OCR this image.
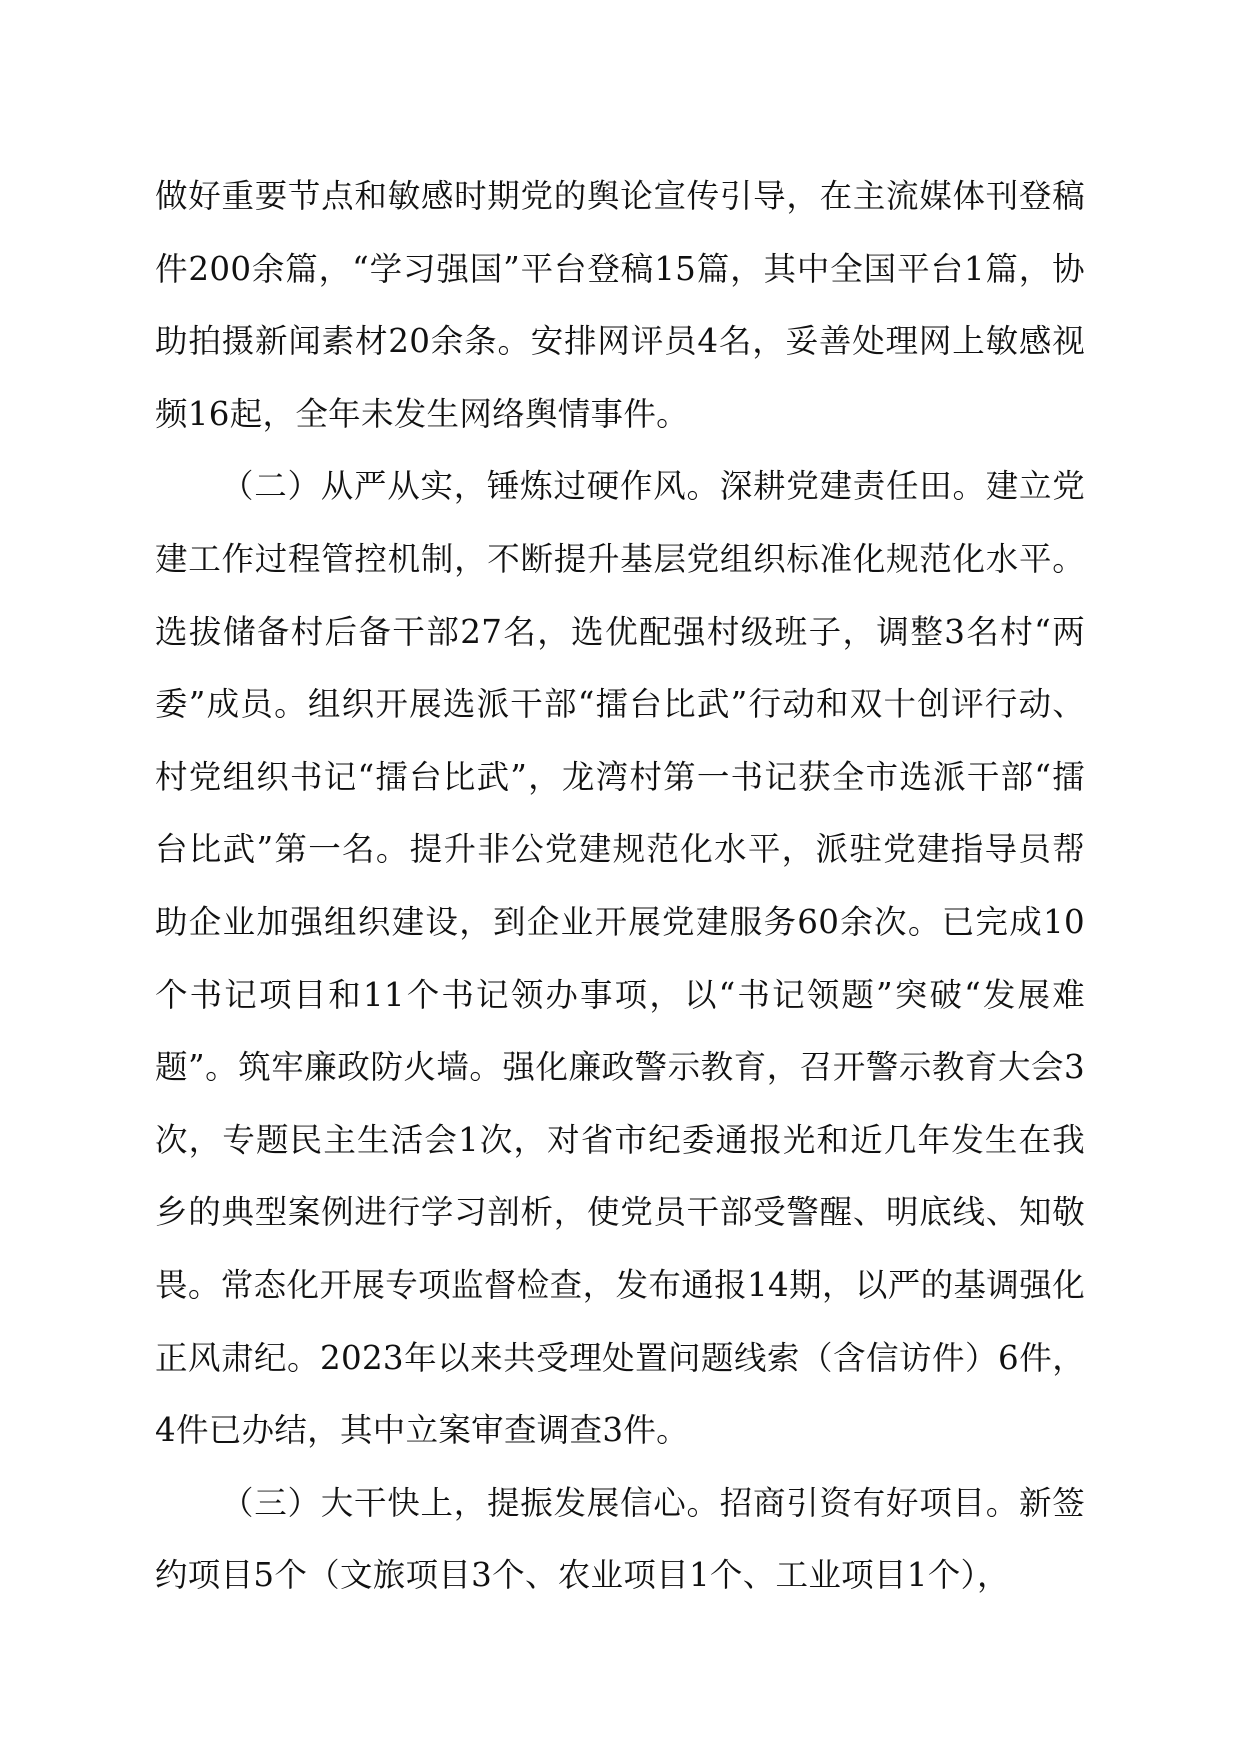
做好重要节点和敏感时期党的舆论宣传引导，在主流媒体刊登稿件200余篇，“学习强国”平台登稿15篇，其中全国平台1篇，协助拍摄新闻素材20余条。安排网评员4名，妥善处理网上敏感视频16起，全年未发生网络舆情事件。

（二）从严从实，锤炼过硬作风。深耕党建责任田。建立党建工作过程管控机制，不断提升基层党组织标准化规范化水平。选拔储备村后备干部27名，选优配强村级班子，调整3名村“两委”成员。组织开展选派干部“擂台比武”行动和双十创评行动、村党组织书记“擂台比武”，龙湾村第一书记获全市选派干部“擂台比武”第一名。提升非公党建规范化水平，派驻党建指导员帮助企业加强组织建设，到企业开展党建服务60余次。已完成10个书记项目和11个书记领办事项，以“书记领题”突破“发展难题”。筑牢廉政防火墙。强化廉政警示教育，召开警示教育大会3次，专题民主生活会1次，对省市纪委通报光和近几年发生在我乡的典型案例进行学习剖析，使党员干部受警醒、明底线、知敬畏。常态化开展专项监督检查，发布通报14期，以严的基调强化正风肃纪。2023年以来共受理处置问题线索（含信访件）6件，4件已办结，其中立案审查调查3件。

（三）大干快上，提振发展信心。招商引资有好项目。新签约项目5个（文旅项目3个、农业项目1个、工业项目1个），
